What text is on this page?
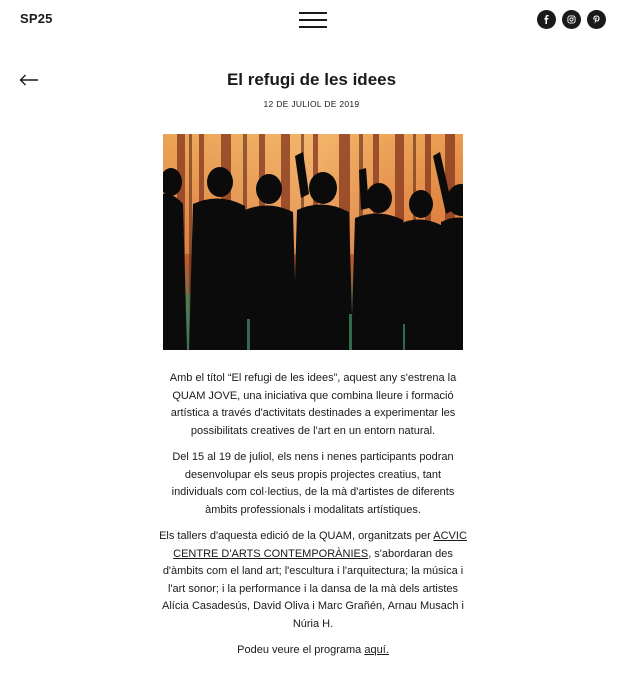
SP25
El refugi de les idees
12 DE JULIOL DE 2019

Amb el títol “El refugi de les idees”, aquest any s'estrena la QUAM JOVE, una iniciativa que combina lleure i formació artística a través d'activitats destinades a experimentar les possibilitats creatives de l'art en un entorn natural.

Del 15 al 19 de juliol, els nens i nenes participants podran desenvolupar els seus propis projectes creatius, tant individuals com col·lectius, de la mà d'artistes de diferents àmbits professionals i modalitats artístiques.

Els tallers d'aquesta edició de la QUAM, organitzats per ACVIC CENTRE D'ARTS CONTEMPORÀNIES, s'abordaran des d'àmbits com el land art; l'escultura i l'arquitectura; la música i l'art sonor; i la performance i la dansa de la mà dels artistes Alícia Casadesús, David Oliva i Marc Grañén, Arnau Musach i Núria H.

Podeu veure el programa aquí.
